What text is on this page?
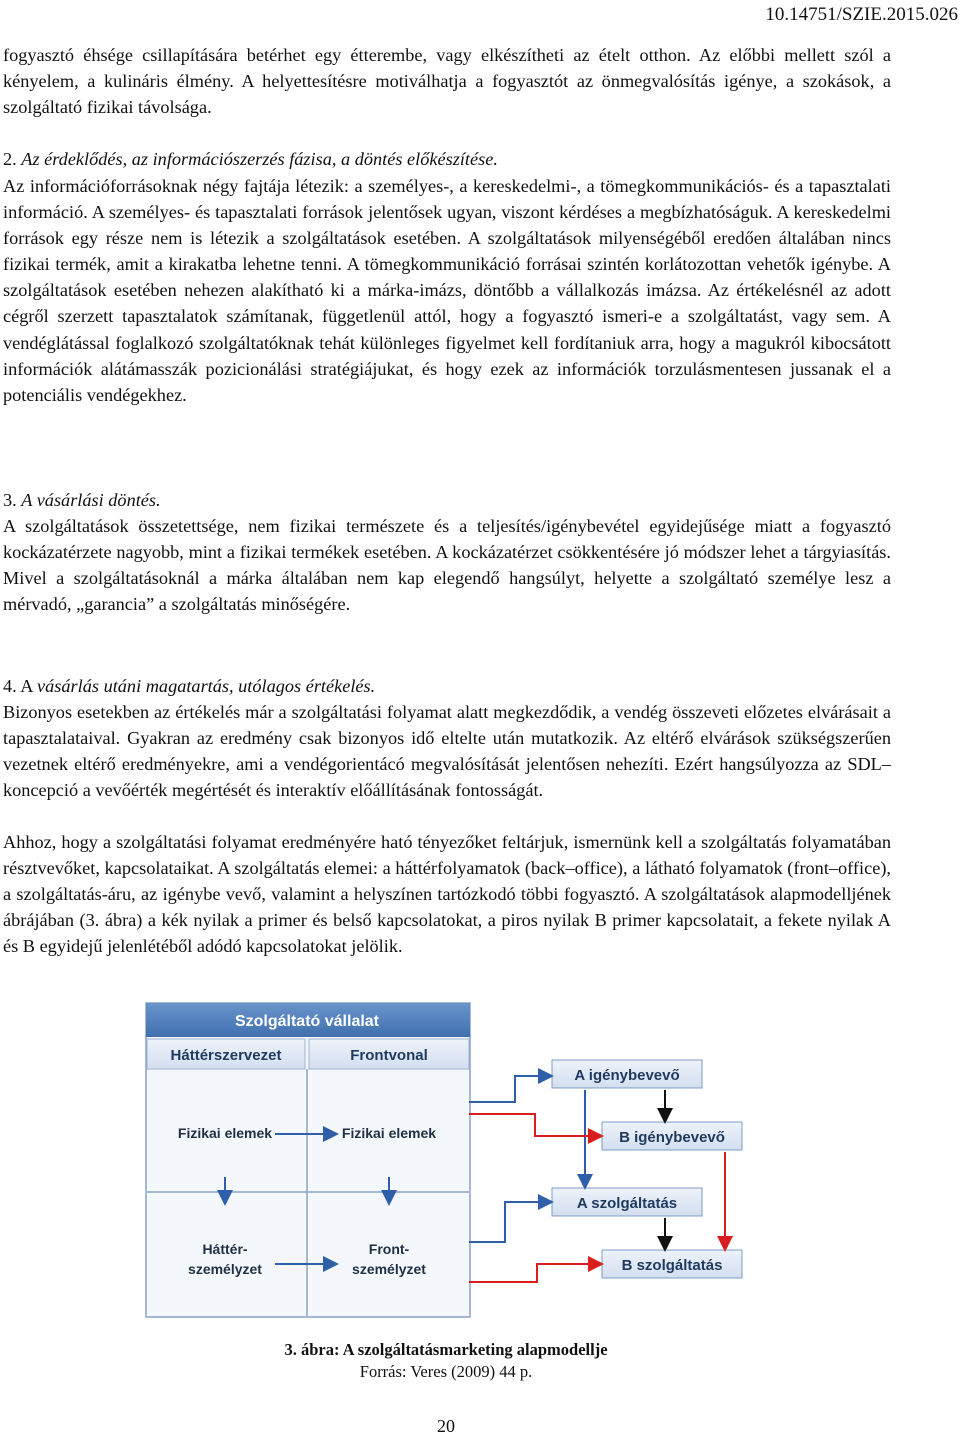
10.14751/SZIE.2015.026

fogyasztó éhsége csillapítására betérhet egy étterembe, vagy elkészítheti az ételt otthon. Az előbbi mellett szól a kényelem, a kulináris élmény. A helyettesítésre motiválhatja a fogyasztót az önmegvalósítás igénye, a szokások, a szolgáltató fizikai távolsága.

2. Az érdeklődés, az információszerzés fázisa, a döntés előkészítése.

Az információforrásoknak négy fajtája létezik: a személyes-, a kereskedelmi-, a tömegkommunikációs- és a tapasztalati információ. A személyes- és tapasztalati források jelentősek ugyan, viszont kérdéses a megbízhatóságuk. A kereskedelmi források egy része nem is létezik a szolgáltatások esetében. A szolgáltatások milyenségéből eredően általában nincs fizikai termék, amit a kirakatba lehetne tenni. A tömegkommunikáció forrásai szintén korlátozottan vehetők igénybe. A szolgáltatások esetében nehezen alakítható ki a márka-imázs, döntőbb a vállalkozás imázsa. Az értékelésnél az adott cégről szerzett tapasztalatok számítanak, függetlenül attól, hogy a fogyasztó ismeri-e a szolgáltatást, vagy sem. A vendéglátással foglalkozó szolgáltatóknak tehát különleges figyelmet kell fordítaniuk arra, hogy a magukról kibocsátott információk alátámasszák pozicionálási stratégiájukat, és hogy ezek az információk torzulásmentesen jussanak el a potenciális vendégekhez.

3. A vásárlási döntés.

A szolgáltatások összetettsége, nem fizikai természete és a teljesítés/igénybevétel egyidejűsége miatt a fogyasztó kockázatérzete nagyobb, mint a fizikai termékek esetében. A kockázatérzet csökkentésére jó módszer lehet a tárgyiasítás. Mivel a szolgáltatásoknál a márka általában nem kap elegendő hangsúlyt, helyette a szolgáltató személye lesz a mérvadó, „garancia” a szolgáltatás minőségére.

4. A vásárlás utáni magatartás, utólagos értékelés.

Bizonyos esetekben az értékelés már a szolgáltatási folyamat alatt megkezdődik, a vendég összeveti előzetes elvárásait a tapasztalataival. Gyakran az eredmény csak bizonyos idő eltelte után mutatkozik. Az eltérő elvárások szükségszerűen vezetnek eltérő eredményekre, ami a vendégorientácó megvalósítását jelentősen nehezíti. Ezért hangsúlyozza az SDL–koncepció a vevőérték megértését és interaktív előállításának fontosságát.

Ahhoz, hogy a szolgáltatási folyamat eredményére ható tényezőket feltárjuk, ismernünk kell a szolgáltatás folyamatában résztvevőket, kapcsolataikat. A szolgáltatás elemei: a háttérfolyamatok (back–office), a látható folyamatok (front–office), a szolgáltatás-áru, az igénybe vevő, valamint a helyszínen tartózkodó többi fogyasztó. A szolgáltatások alapmodelljének ábrájában (3. ábra) a kék nyilak a primer és belső kapcsolatokat, a piros nyilak B primer kapcsolatait, a fekete nyilak A és B egyidejű jelenlétéből adódó kapcsolatokat jelölik.

Szolgáltató vállalat
Háttérszervezet	Frontvonal
Fizikai elemek	Fizikai elemek
Háttér-
személyzet
Front-
személyzet
A igénybevevő
B igénybevevő
A szolgáltatás
B szolgáltatás
3. ábra: A szolgáltatásmarketing alapmodellje
Forrás: Veres (2009) 44 p.
20
